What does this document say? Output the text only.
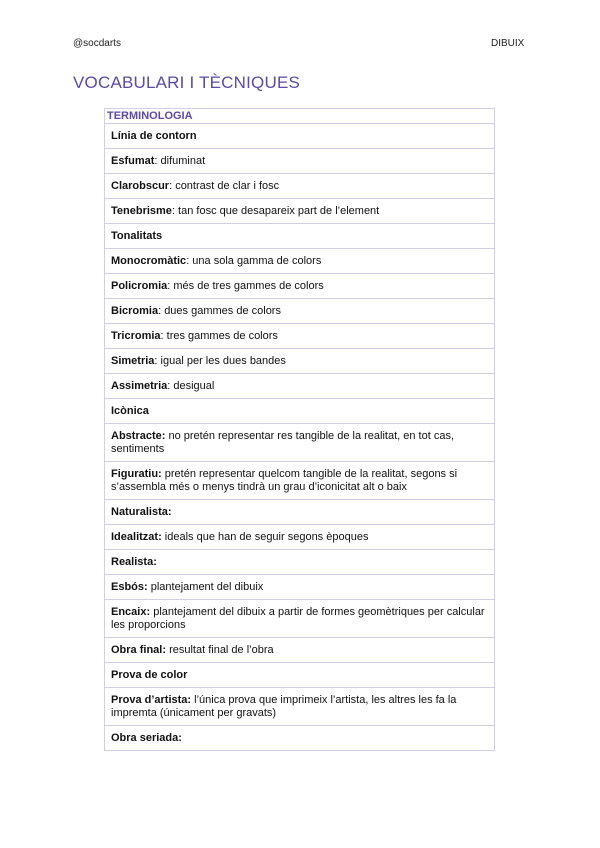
@socdarts	DIBUIX
VOCABULARI I TÈCNIQUES
TERMINOLOGIA
Línia de contorn
Esfumat: difuminat
Clarobscur: contrast de clar i fosc
Tenebrisme: tan fosc que desapareix part de l’element
Tonalitats
Monocromàtic: una sola gamma de colors
Policromia: més de tres gammes de colors
Bicromia: dues gammes de colors
Tricromia: tres gammes de colors
Simetria: igual per les dues bandes
Assimetria: desigual
Icònica
Abstracte: no pretén representar res tangible de la realitat, en tot cas, sentiments
Figuratiu: pretén representar quelcom tangible de la realitat, segons si s’assembla més o menys tindrà un grau d’iconicitat alt o baix
Naturalista:
Idealitzat: ideals que han de seguir segons èpoques
Realista:
Esbós: plantejament del dibuix
Encaix: plantejament del dibuix a partir de formes geomètriques per calcular les proporcions
Obra final: resultat final de l’obra
Prova de color
Prova d’artista: l’única prova que imprimeix l’artista, les altres les fa la impremta (únicament per gravats)
Obra seriada:
